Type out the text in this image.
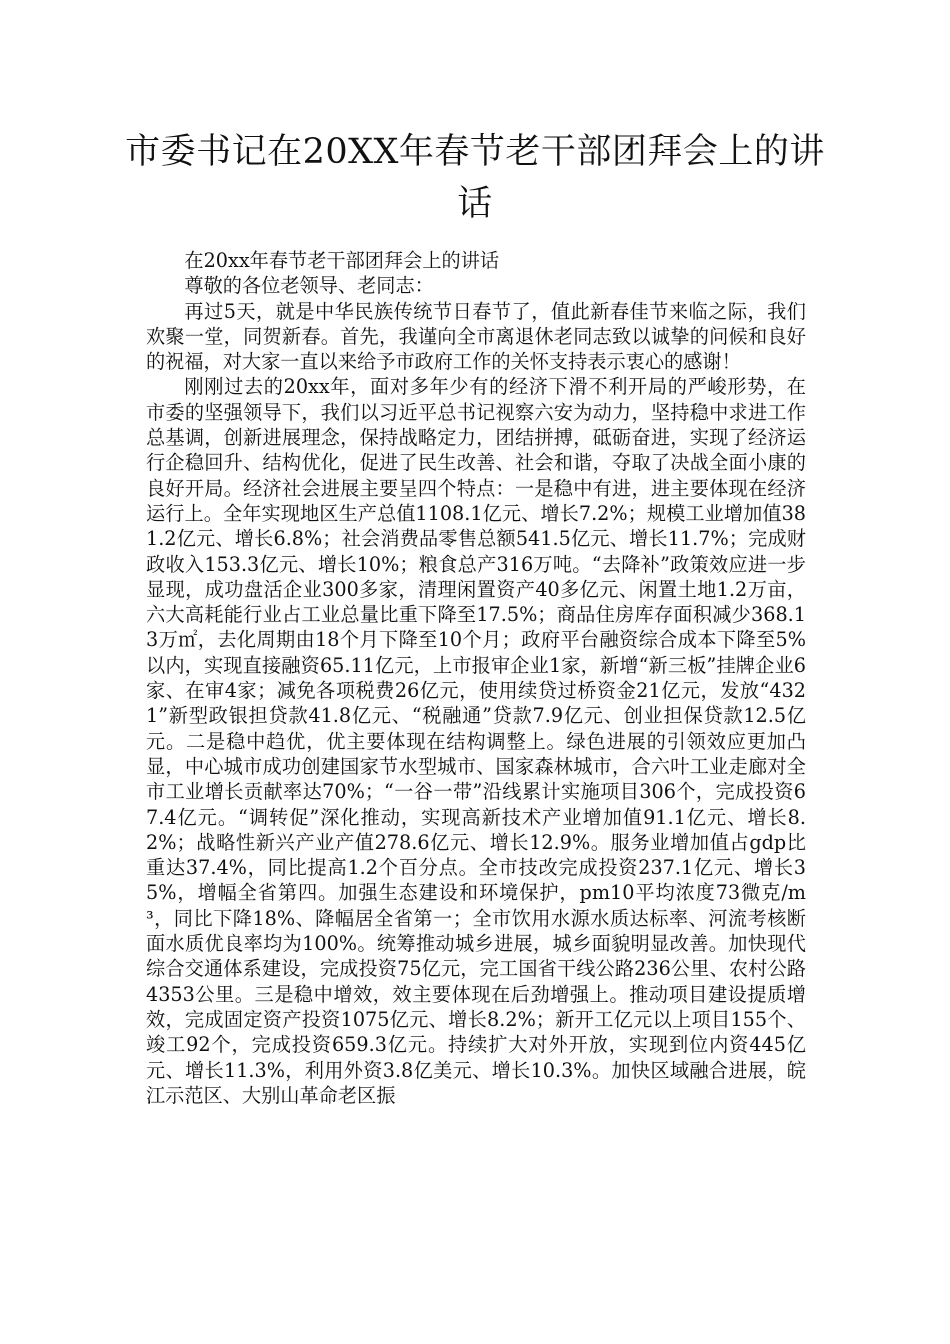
市委书记在20XX年春节老干部团拜会上的讲话

在20xx年春节老干部团拜会上的讲话

尊敬的各位老领导、老同志：

再过5天，就是中华民族传统节日春节了，值此新春佳节来临之际，我们欢聚一堂，同贺新春。首先，我谨向全市离退休老同志致以诚挚的问候和良好的祝福，对大家一直以来给予市政府工作的关怀支持表示衷心的感谢！

刚刚过去的20xx年，面对多年少有的经济下滑不利开局的严峻形势，在市委的坚强领导下，我们以习近平总书记视察六安为动力，坚持稳中求进工作总基调，创新进展理念，保持战略定力，团结拼搏，砥砺奋进，实现了经济运行企稳回升、结构优化，促进了民生改善、社会和谐，夺取了决战全面小康的良好开局。经济社会进展主要呈四个特点：一是稳中有进，进主要体现在经济运行上。全年实现地区生产总值1108.1亿元、增长7.2%；规模工业增加值381.2亿元、增长6.8%；社会消费品零售总额541.5亿元、增长11.7%；完成财政收入153.3亿元、增长10%；粮食总产316万吨。“去降补”政策效应进一步显现，成功盘活企业300多家，清理闲置资产40多亿元、闲置土地1.2万亩，六大高耗能行业占工业总量比重下降至17.5%；商品住房库存面积减少368.13万㎡，去化周期由18个月下降至10个月；政府平台融资综合成本下降至5%以内，实现直接融资65.11亿元，上市报审企业1家，新增“新三板”挂牌企业6家、在审4家；减免各项税费26亿元，使用续贷过桥资金21亿元，发放“4321”新型政银担贷款41.8亿元、“税融通”贷款7.9亿元、创业担保贷款12.5亿元。二是稳中趋优，优主要体现在结构调整上。绿色进展的引领效应更加凸显，中心城市成功创建国家节水型城市、国家森林城市，合六叶工业走廊对全市工业增长贡献率达70%；“一谷一带”沿线累计实施项目306个，完成投资67.4亿元。“调转促”深化推动，实现高新技术产业增加值91.1亿元、增长8.2%；战略性新兴产业产值278.6亿元、增长12.9%。服务业增加值占gdp比重达37.4%，同比提高1.2个百分点。全市技改完成投资237.1亿元、增长35%，增幅全省第四。加强生态建设和环境保护，pm10平均浓度73微克/m³，同比下降18%、降幅居全省第一；全市饮用水源水质达标率、河流考核断面水质优良率均为100%。统筹推动城乡进展，城乡面貌明显改善。加快现代综合交通体系建设，完成投资75亿元，完工国省干线公路236公里、农村公路4353公里。三是稳中增效，效主要体现在后劲增强上。推动项目建设提质增效，完成固定资产投资1075亿元、增长8.2%；新开工亿元以上项目155个、竣工92个，完成投资659.3亿元。持续扩大对外开放，实现到位内资445亿元、增长11.3%，利用外资3.8亿美元、增长10.3%。加快区域融合进展，皖江示范区、大别山革命老区振
